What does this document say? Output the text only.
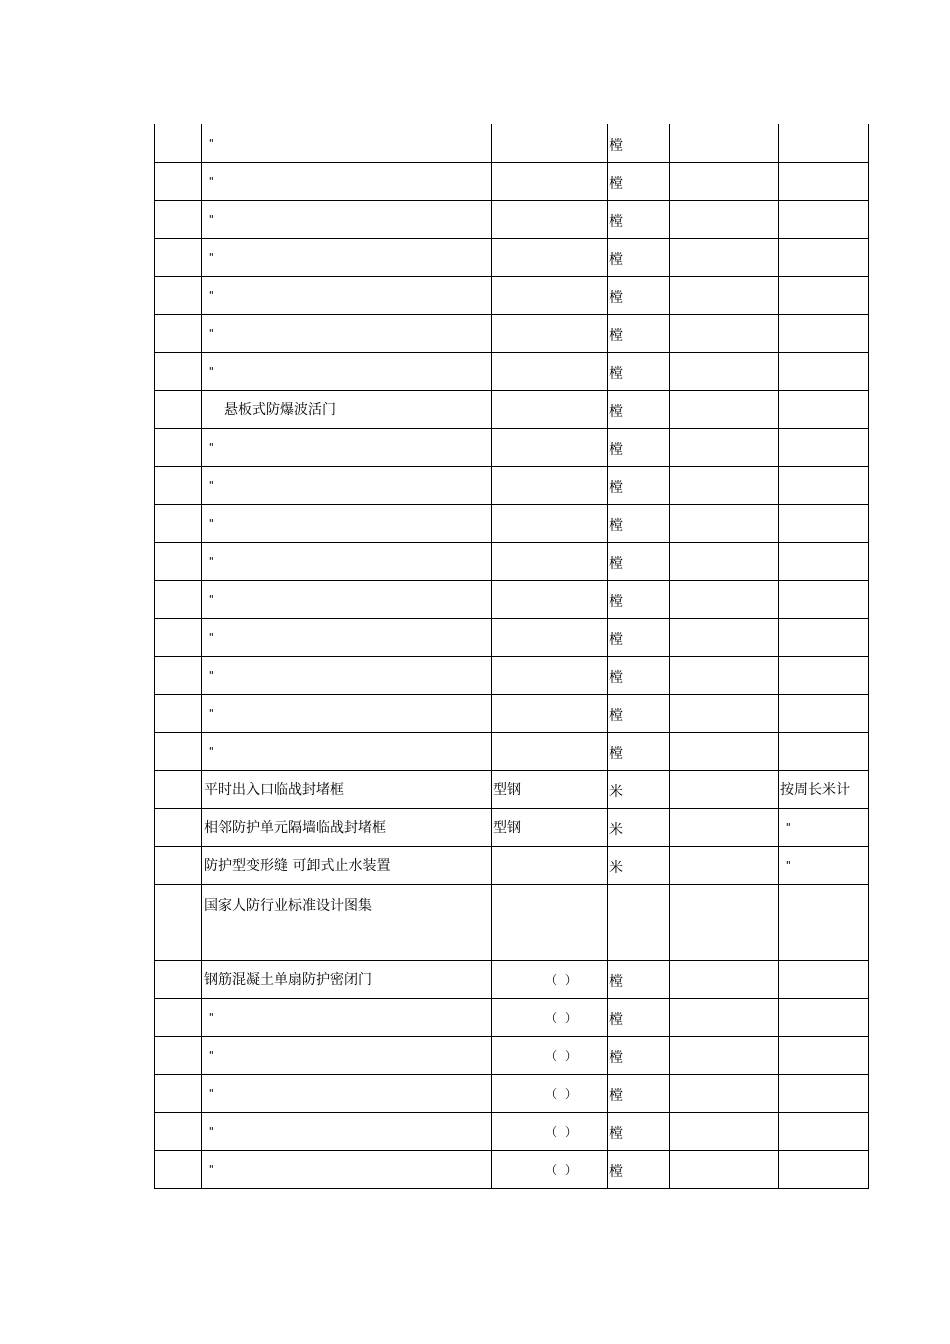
	"		樘		
	"		樘		
	"		樘		
	"		樘		
	"		樘		
	"		樘		
	"		樘		
	悬板式防爆波活门		樘		
	"		樘		
	"		樘		
	"		樘		
	"		樘		
	"		樘		
	"		樘		
	"		樘		
	"		樘		
	"		樘		
	平时出入口临战封堵框	型钢	米		按周长米计
	相邻防护单元隔墙临战封堵框	型钢	米		"
	防护型变形缝 可卸式止水装置		米		"
	国家人防行业标准设计图集				
	钢筋混凝土单扇防护密闭门	（ ）	樘		
	"	（ ）	樘		
	"	（ ）	樘		
	"	（ ）	樘		
	"	（ ）	樘		
	"	（ ）	樘		
